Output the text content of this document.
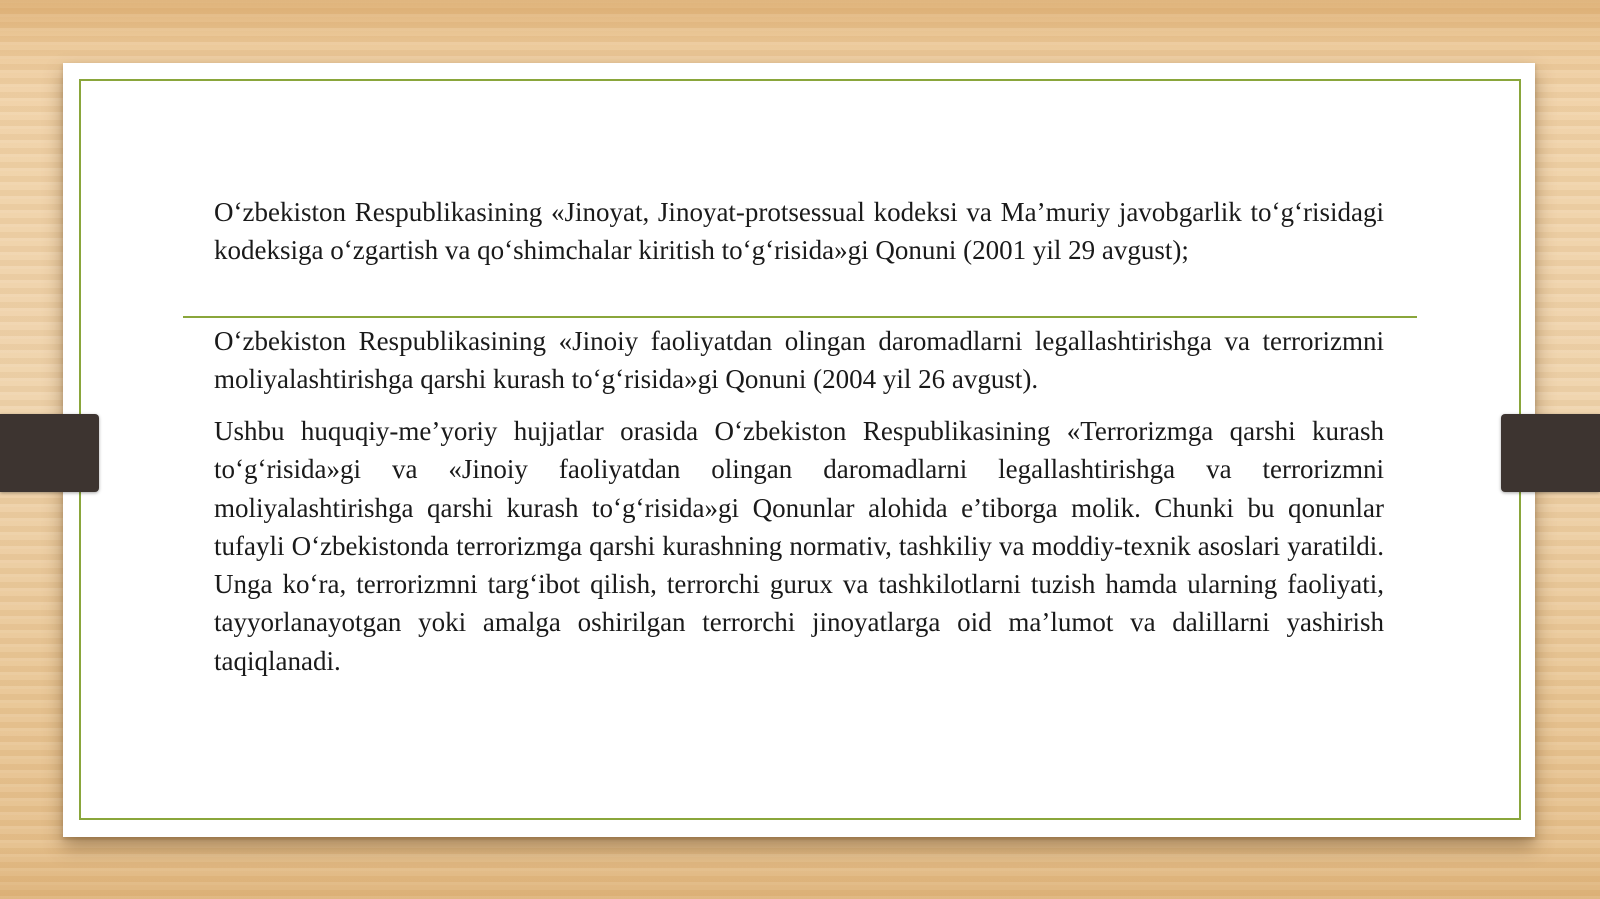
O‘zbekiston Respublikasining «Jinoyat, Jinoyat-protsessual kodeksi va Ma’muriy javobgarlik to‘g‘risidagi kodeksiga o‘zgartish va qo‘shimchalar kiritish to‘g‘risida»gi Qonuni (2001 yil 29 avgust);

O‘zbekiston Respublikasining «Jinoiy faoliyatdan olingan daromadlarni legallashtirishga va terrorizmni moliyalashtirishga qarshi kurash to‘g‘risida»gi Qonuni (2004 yil 26 avgust).

Ushbu huquqiy-me’yoriy hujjatlar orasida O‘zbekiston Respublikasining «Terrorizmga qarshi kurash to‘g‘risida»gi va «Jinoiy faoliyatdan olingan daromadlarni legallashtirishga va terrorizmni moliyalashtirishga qarshi kurash to‘g‘risida»gi Qonunlar alohida e’tiborga molik. Chunki bu qonunlar tufayli O‘zbekistonda terrorizmga qarshi kurashning normativ, tashkiliy va moddiy-texnik asoslari yaratildi. Unga ko‘ra, terrorizmni targ‘ibot qilish, terrorchi gurux va tashkilotlarni tuzish hamda ularning faoliyati, tayyorlanayotgan yoki amalga oshirilgan terrorchi jinoyatlarga oid ma’lumot va dalillarni yashirish taqiqlanadi.
